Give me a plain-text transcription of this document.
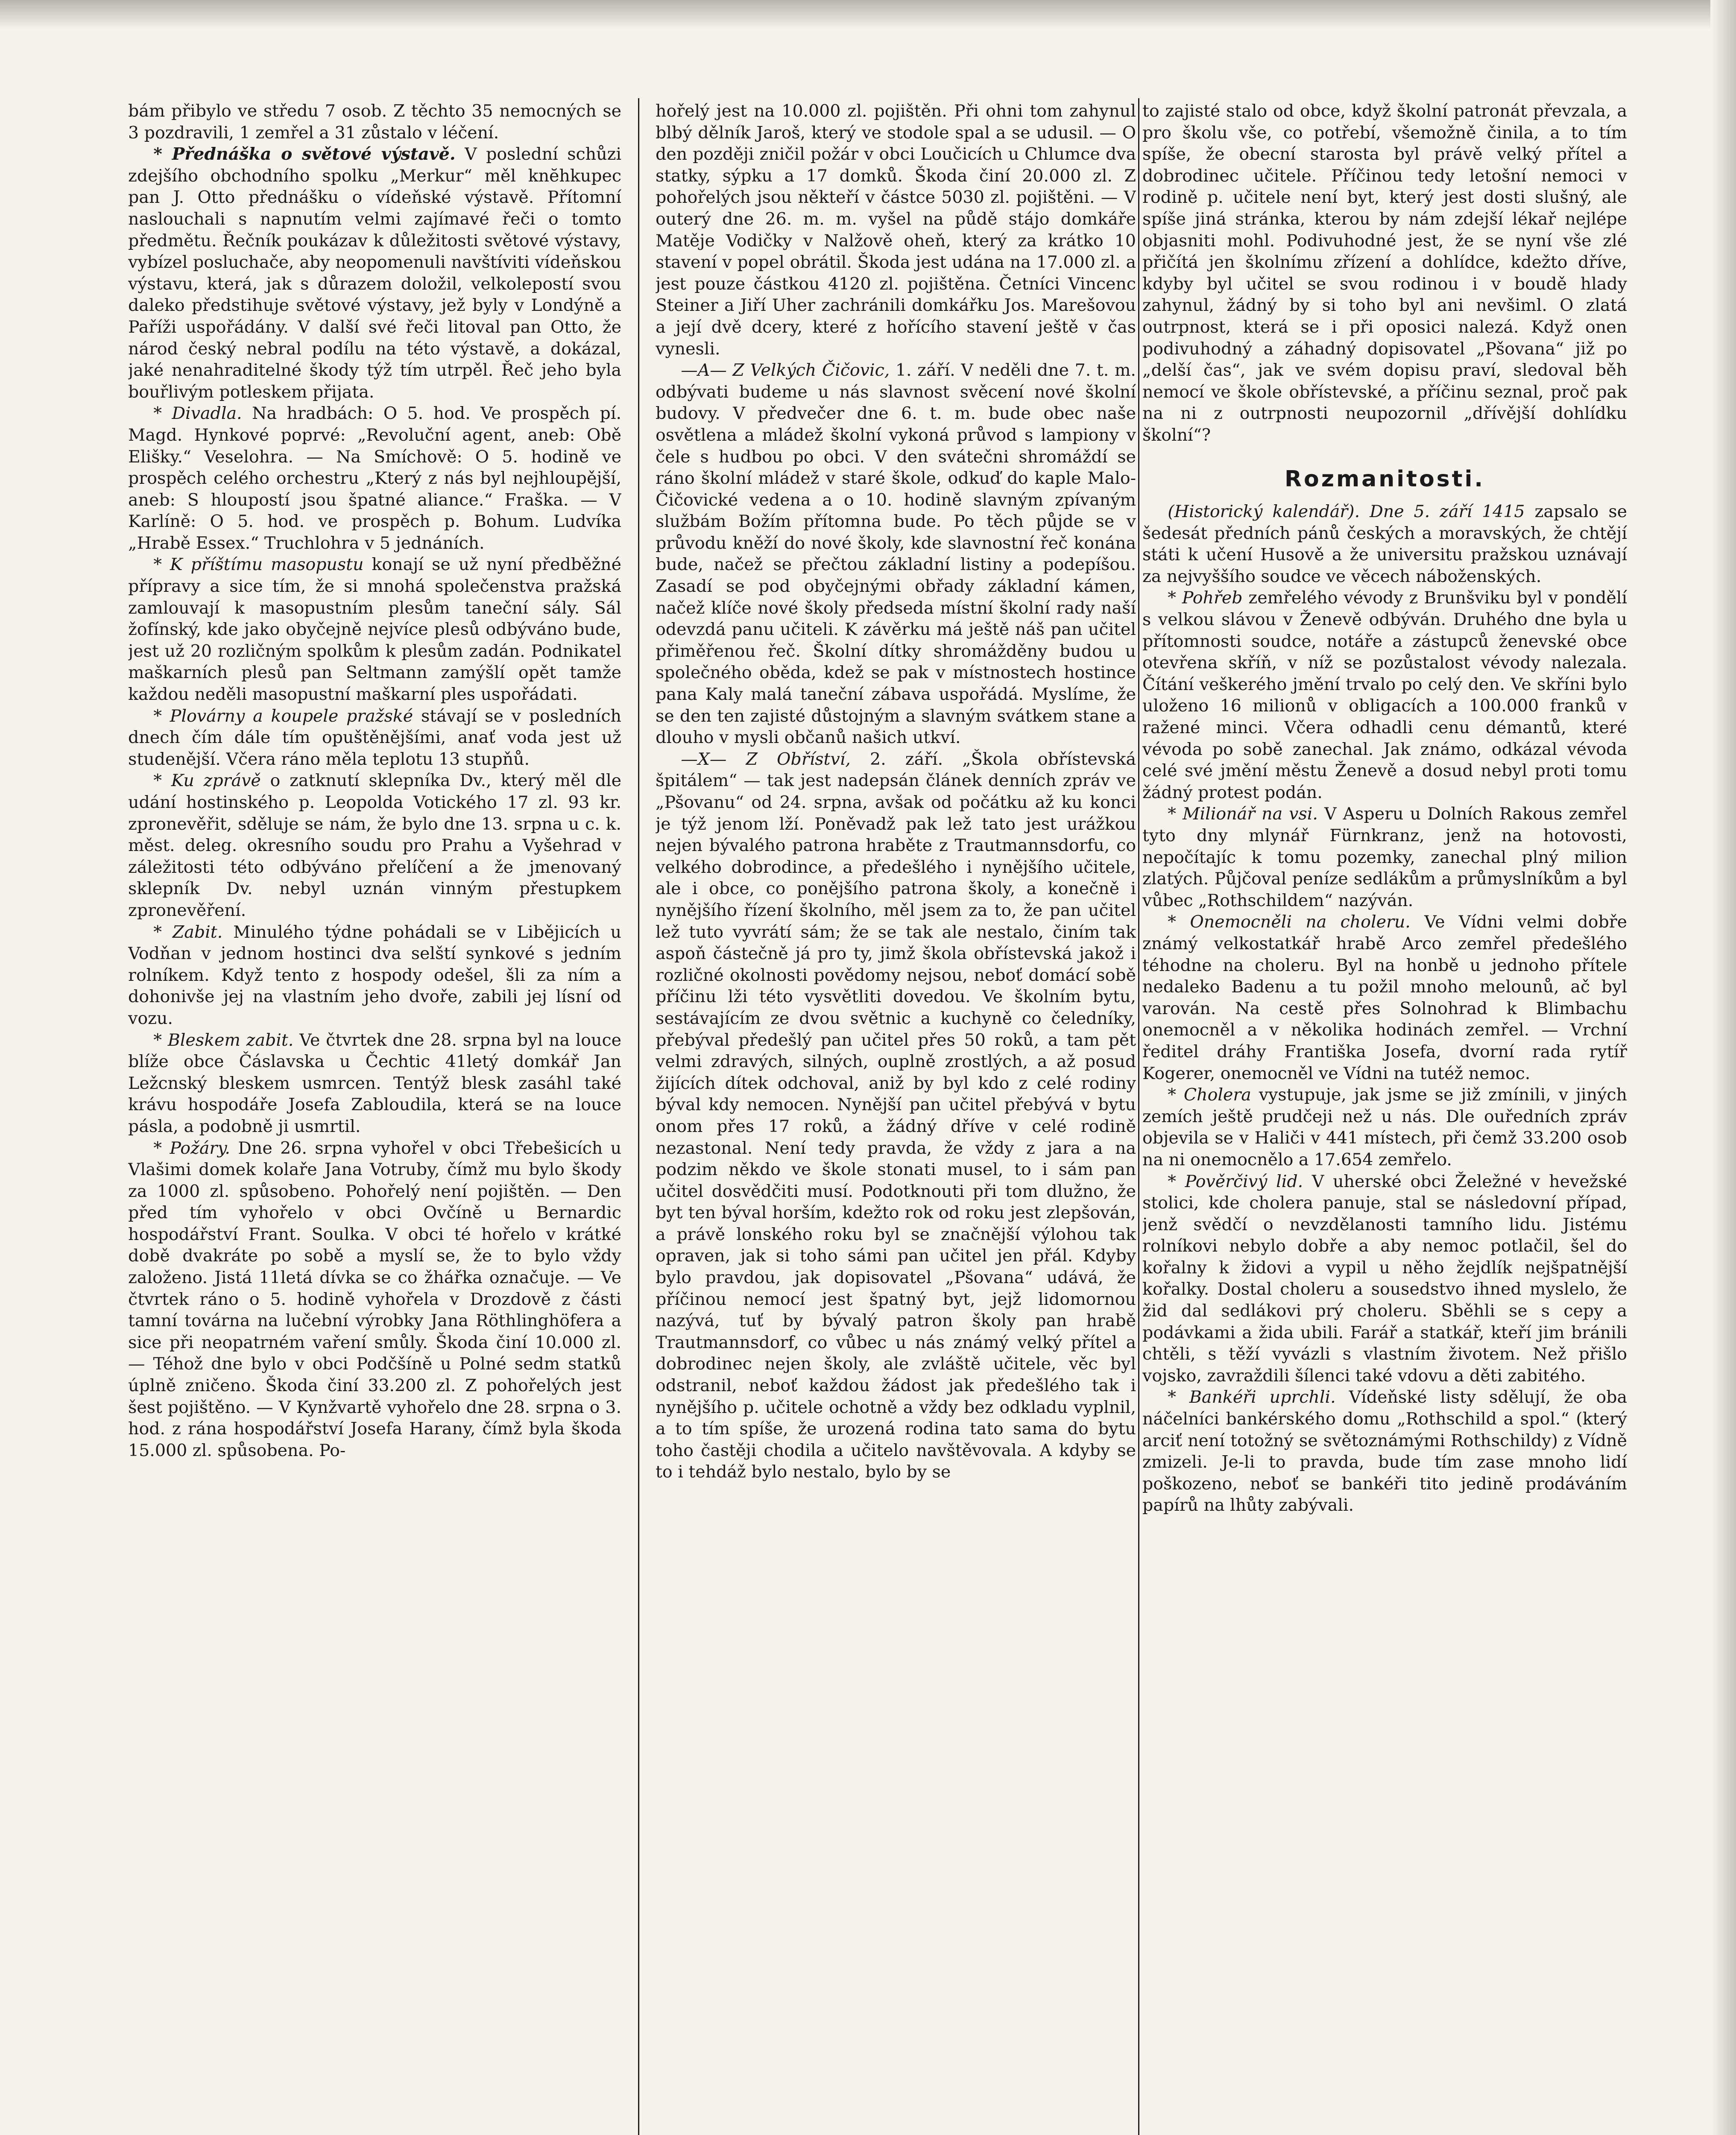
bám přibylo ve středu 7 osob. Z těchto 35 nemocných se 3 pozdravili, 1 zemřel a 31 zůstalo v léčení.

* Přednáška o světové výstavě. V poslední schůzi zdejšího obchodního spolku „Merkur“ měl knĕhkupec pan J. Otto přednášku o vídeňské výstavě. Přítomní naslouchali s napnutím velmi zajímavé řeči o tomto předmětu. Řečník poukázav k důležitosti světové výstavy, vybízel posluchače, aby neopomenuli navštíviti vídeňskou výstavu, která, jak s důrazem doložil, velkolepostí svou daleko předstihuje světové výstavy, jež byly v Londýně a Paříži uspořádány. V další své řeči litoval pan Otto, že národ český nebral podílu na této výstavě, a dokázal, jaké nenahraditelné škody týž tím utrpěl. Řeč jeho byla bouřlivým potleskem přijata.

* Divadla. Na hradbách: O 5. hod. Ve prospěch pí. Magd. Hynkové poprvé: „Revoluční agent, aneb: Obě Elišky.“ Veselohra. — Na Smíchově: O 5. hodině ve prospěch celého orchestru „Který z nás byl nejhloupější, aneb: S hloupostí jsou špatné aliance.“ Fraška. — V Karlíně: O 5. hod. ve prospěch p. Bohum. Ludvíka „Hrabě Essex.“ Truchlohra v 5 jednáních.

* K příštímu masopustu konají se už nyní předběžné přípravy a sice tím, že si mnohá společenstva pražská zamlouvají k masopustním plesům taneční sály. Sál žofínský, kde jako obyčejně nejvíce plesů odbýváno bude, jest už 20 rozličným spolkům k plesům zadán. Podnikatel maškarních plesů pan Seltmann zamýšlí opět tamže každou neděli masopustní maškarní ples uspořádati.

* Plovárny a koupele pražské stávají se v posledních dnech čím dále tím opuštěnějšími, anať voda jest už studenější. Včera ráno měla teplotu 13 stupňů.

* Ku zprávě o zatknutí sklepníka Dv., který měl dle udání hostinského p. Leopolda Votického 17 zl. 93 kr. zpronevěřit, sděluje se nám, že bylo dne 13. srpna u c. k. měst. deleg. okresního soudu pro Prahu a Vyšehrad v záležitosti této odbýváno přelíčení a že jmenovaný sklepník Dv. nebyl uznán vinným přestupkem zpronevěření.

* Zabit. Minulého týdne pohádali se v Libějicích u Vodňan v jednom hostinci dva selští synkové s jedním rolníkem. Když tento z hospody odešel, šli za ním a dohonivše jej na vlastním jeho dvoře, zabili jej lísní od vozu.

* Bleskem zabit. Ve čtvrtek dne 28. srpna byl na louce blíže obce Čáslavska u Čechtic 41letý domkář Jan Ležcnský bleskem usmrcen. Tentýž blesk zasáhl také krávu hospodáře Josefa Zabloudila, která se na louce pásla, a podobně ji usmrtil.

* Požáry. Dne 26. srpna vyhořel v obci Třebešicích u Vlašimi domek kolaře Jana Votruby, čímž mu bylo škody za 1000 zl. spůsobeno. Pohořelý není pojištěn. — Den před tím vyhořelo v obci Ovčíně u Bernardic hospodářství Frant. Soulka. V obci té hořelo v krátké době dvakráte po sobě a myslí se, že to bylo vždy založeno. Jistá 11letá dívka se co žhářka označuje. — Ve čtvrtek ráno o 5. hodině vyhořela v Drozdově z části tamní továrna na lučební výrobky Jana Röthlinghöfera a sice při neopatrném vaření smůly. Škoda činí 10.000 zl. — Téhož dne bylo v obci Podčšíně u Polné sedm statků úplně zničeno. Škoda činí 33.200 zl. Z pohořelých jest šest pojištěno. — V Kynžvartě vyhořelo dne 28. srpna o 3. hod. z rána hospodářství Josefa Harany, čímž byla škoda 15.000 zl. spůsobena. Po-

hořelý jest na 10.000 zl. pojištěn. Při ohni tom zahynul blbý dělník Jaroš, který ve stodole spal a se udusil. — O den později zničil požár v obci Loučicích u Chlumce dva statky, sýpku a 17 domků. Škoda činí 20.000 zl. Z pohořelých jsou někteří v částce 5030 zl. pojištěni. — V outerý dne 26. m. m. vyšel na půdě stájo domkáře Matěje Vodičky v Nalžově oheň, který za krátko 10 stavení v popel obrátil. Škoda jest udána na 17.000 zl. a jest pouze částkou 4120 zl. pojištěna. Četníci Vincenc Steiner a Jiří Uher zachránili domkářku Jos. Marešovou a její dvě dcery, které z hořícího stavení ještě v čas vynesli.

—A— Z Velkých Čičovic, 1. září. V neděli dne 7. t. m. odbývati budeme u nás slavnost svěcení nové školní budovy. V předvečer dne 6. t. m. bude obec naše osvětlena a mládež školní vykoná průvod s lampiony v čele s hudbou po obci. V den svátečni shromáždí se ráno školní mládež v staré škole, odkuď do kaple Malo-Čičovické vedena a o 10. hodině slavným zpívaným službám Božím přítomna bude. Po těch půjde se v průvodu kněží do nové školy, kde slavnostní řeč konána bude, načež se přečtou základní listiny a podepíšou. Zasadí se pod obyčejnými obřady základní kámen, načež klíče nové školy předseda místní školní rady naší odevzdá panu učiteli. K závěrku má ještě náš pan učitel přiměřenou řeč. Školní dítky shromážděny budou u společného oběda, kdež se pak v místnostech hostince pana Kaly malá taneční zábava uspořádá. Myslíme, že se den ten zajisté důstojným a slavným svátkem stane a dlouho v mysli občanů našich utkví.

—X— Z Obříství, 2. září. „Škola obřístevská špitálem“ — tak jest nadepsán článek denních zpráv ve „Pšovanu“ od 24. srpna, avšak od počátku až ku konci je týž jenom lží. Poněvadž pak lež tato jest urážkou nejen bývalého patrona hraběte z Trautmannsdorfu, co velkého dobrodince, a předešlého i nynějšího učitele, ale i obce, co ponějšího patrona školy, a konečně i nynějšího řízení školního, měl jsem za to, že pan učitel lež tuto vyvrátí sám; že se tak ale nestalo, činím tak aspoň částečně já pro ty, jimž škola obřístevská jakož i rozličné okolnosti povědomy nejsou, neboť domácí sobě příčinu lži této vysvětliti dovedou. Ve školním bytu, sestávajícím ze dvou světnic a kuchyně co čeledníky, přebýval předešlý pan učitel přes 50 roků, a tam pět velmi zdravých, silných, ouplně zrostlých, a až posud žijících dítek odchoval, aniž by byl kdo z celé rodiny býval kdy nemocen. Nynější pan učitel přebývá v bytu onom přes 17 roků, a žádný dříve v celé rodině nezastonal. Není tedy pravda, že vždy z jara a na podzim někdo ve škole stonati musel, to i sám pan učitel dosvědčiti musí. Podotknouti při tom dlužno, že byt ten býval horším, kdežto rok od roku jest zlepšován, a právě lonského roku byl se značnější výlohou tak opraven, jak si toho sámi pan učitel jen přál. Kdyby bylo pravdou, jak dopisovatel „Pšovana“ udává, že příčinou nemocí jest špatný byt, jejž lidomornou nazývá, tuť by bývalý patron školy pan hrabě Trautmannsdorf, co vůbec u nás známý velký přítel a dobrodinec nejen školy, ale zvláště učitele, věc byl odstranil, neboť každou žádost jak předešlého tak i nynějšího p. učitele ochotně a vždy bez odkladu vyplnil, a to tím spíše, že urozená rodina tato sama do bytu toho častěji chodila a učitelo navštěvovala. A kdyby se to i tehdáž bylo nestalo, bylo by se

to zajisté stalo od obce, když školní patronát převzala, a pro školu vše, co potřebí, všemožně činila, a to tím spíše, že obecní starosta byl právě velký přítel a dobrodinec učitele. Příčinou tedy letošní nemoci v rodině p. učitele není byt, který jest dosti slušný, ale spíše jiná stránka, kterou by nám zdejší lékař nejlépe objasniti mohl. Podivuhodné jest, že se nyní vše zlé přičítá jen školnímu zřízení a dohlídce, kdežto dříve, kdyby byl učitel se svou rodinou i v boudě hlady zahynul, žádný by si toho byl ani nevšiml. O zlatá outrpnost, která se i při oposici nalezá. Když onen podivuhodný a záhadný dopisovatel „Pšovana“ již po „delší čas“, jak ve svém dopisu praví, sledoval běh nemocí ve škole obřístevské, a příčinu seznal, proč pak na ni z outrpnosti neupozornil „dřívější dohlídku školní“?

Rozmanitosti.

(Historický kalendář). Dne 5. září 1415 zapsalo se šedesát předních pánů českých a moravských, že chtějí státi k učení Husově a že universitu pražskou uznávají za nejvyššího soudce ve věcech náboženských.

* Pohřeb zemřelého vévody z Brunšviku byl v pondělí s velkou slávou v Ženevě odbýván. Druhého dne byla u přítomnosti soudce, notáře a zástupců ženevské obce otevřena skříň, v níž se pozůstalost vévody nalezala. Čítání veškerého jmění trvalo po celý den. Ve skříni bylo uloženo 16 milionů v obligacích a 100.000 franků v ražené minci. Včera odhadli cenu démantů, které vévoda po sobě zanechal. Jak známo, odkázal vévoda celé své jmění městu Ženevě a dosud nebyl proti tomu žádný protest podán.

* Milionář na vsi. V Asperu u Dolních Rakous zemřel tyto dny mlynář Fürnkranz, jenž na hotovosti, nepočítajíc k tomu pozemky, zanechal plný milion zlatých. Půjčoval peníze sedlákům a průmyslníkům a byl vůbec „Rothschildem“ nazýván.

* Onemocněli na choleru. Ve Vídni velmi dobře známý velkostatkář hrabě Arco zemřel předešlého téhodne na choleru. Byl na honbě u jednoho přítele nedaleko Badenu a tu požil mnoho melounů, ač byl varován. Na cestě přes Solnohrad k Blimbachu onemocněl a v několika hodinách zemřel. — Vrchní ředitel dráhy Františka Josefa, dvorní rada rytíř Kogerer, onemocněl ve Vídni na tutéž nemoc.

* Cholera vystupuje, jak jsme se již zmínili, v jiných zemích ještě prudčeji než u nás. Dle ouředních zpráv objevila se v Haliči v 441 místech, při čemž 33.200 osob na ni onemocnělo a 17.654 zemřelo.

* Pověrčivý lid. V uherské obci Želežné v hevežské stolici, kde cholera panuje, stal se následovní případ, jenž svědčí o nevzdělanosti tamního lidu. Jistému rolníkovi nebylo dobře a aby nemoc potlačil, šel do kořalny k židovi a vypil u něho žejdlík nejšpatnější kořalky. Dostal choleru a sousedstvo ihned myslelo, že žid dal sedlákovi prý choleru. Sběhli se s cepy a podávkami a žida ubili. Farář a statkář, kteří jim bránili chtěli, s těží vyvázli s vlastním životem. Než přišlo vojsko, zavraždili šílenci také vdovu a děti zabitého.

* Bankéři uprchli. Vídeňské listy sdělují, že oba náčelníci bankérského domu „Rothschild a spol.“ (který arciť není totožný se světoznámými Rothschildy) z Vídně zmizeli. Je-li to pravda, bude tím zase mnoho lidí poškozeno, neboť se bankéři tito jedině prodáváním papírů na lhůty zabývali.
